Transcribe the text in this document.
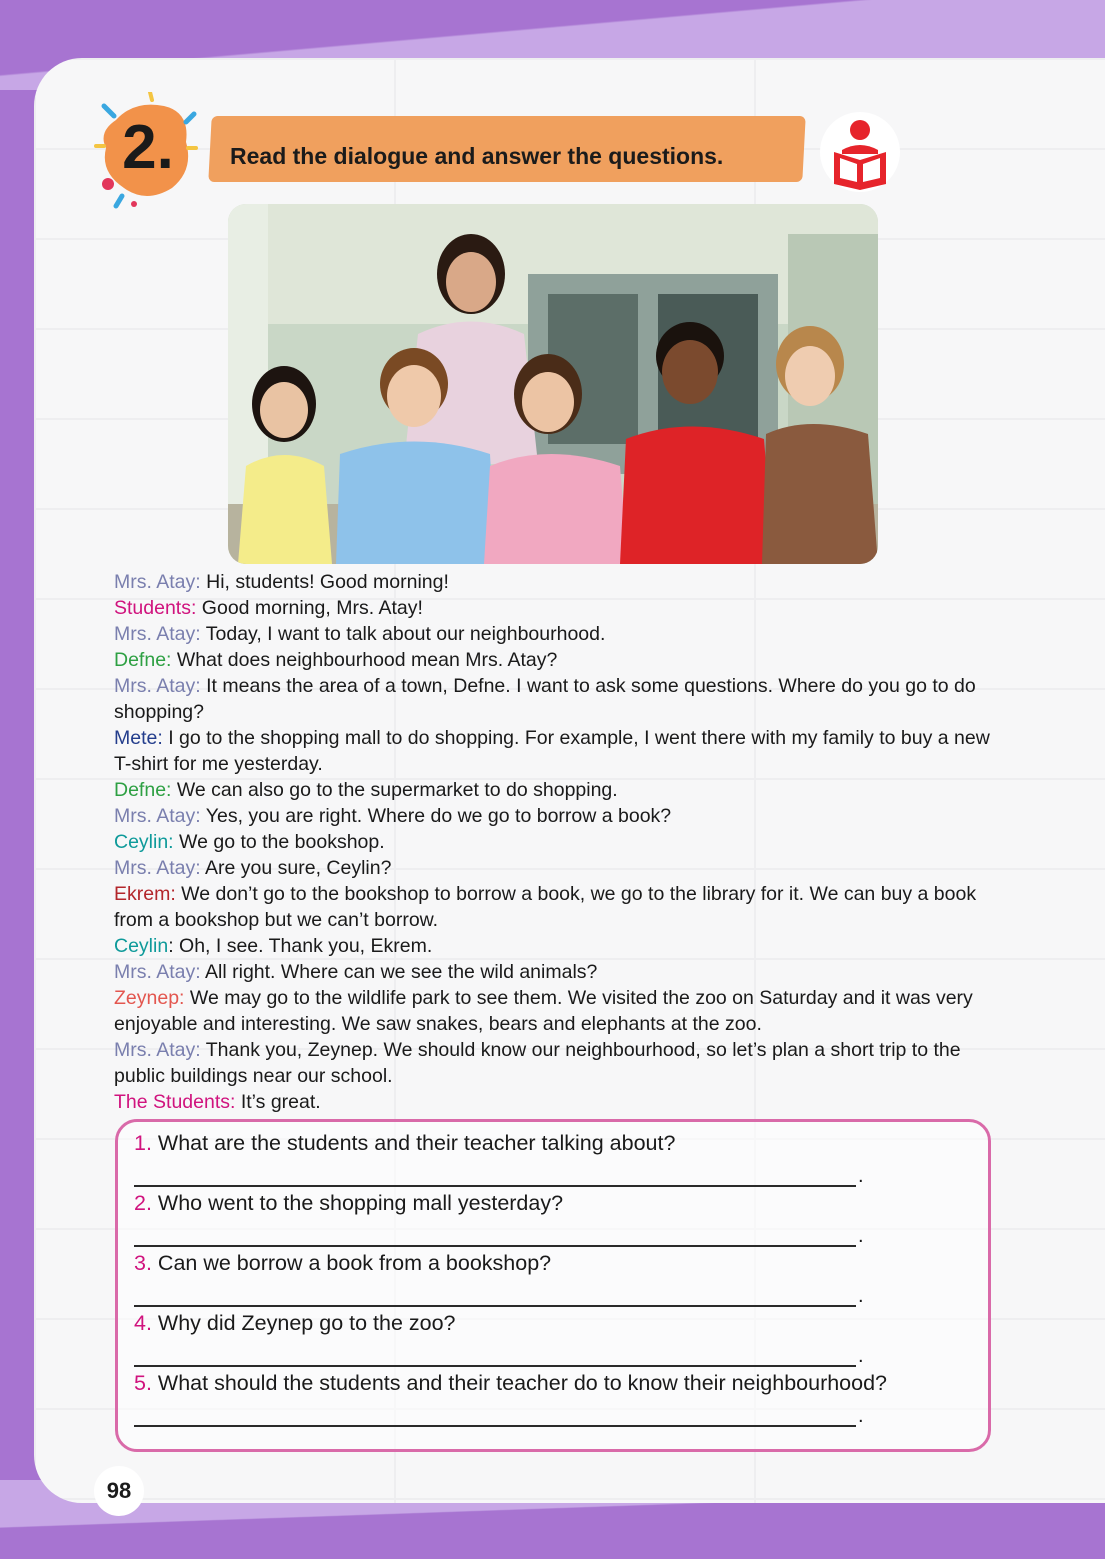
2.	Read the dialogue and answer the questions.

Mrs. Atay: Hi, students! Good morning!

Students: Good morning, Mrs. Atay!

Mrs. Atay: Today, I want to talk about our neighbourhood.

Defne: What does neighbourhood mean Mrs. Atay?

Mrs. Atay: It means the area of a town, Defne. I want to ask some questions. Where do you go to do shopping?

Mete: I go to the shopping mall to do shopping. For example, I went there with my family to buy a new T-shirt for me yesterday.

Defne: We can also go to the supermarket to do shopping.

Mrs. Atay: Yes, you are right. Where do we go to borrow a book?

Ceylin: We go to the bookshop.

Mrs. Atay: Are you sure, Ceylin?

Ekrem: We don’t go to the bookshop to borrow a book, we go to the library for it. We can buy a book from a bookshop but we can’t borrow.

Ceylin: Oh, I see. Thank you, Ekrem.

Mrs. Atay: All right. Where can we see the wild animals?

Zeynep: We may go to the wildlife park to see them. We visited the zoo on Saturday and it was very enjoyable and interesting. We saw snakes, bears and elephants at the zoo.

Mrs. Atay: Thank you, Zeynep. We should know our neighbourhood, so let’s plan a short trip to the public buildings near our school.

The Students: It’s great.

1. What are the students and their teacher talking about?
.
2. Who went to the shopping mall yesterday?
.
3. Can we borrow a book from a bookshop?
.
4. Why did Zeynep go to the zoo?
.
5. What should the students and their teacher do to know their neighbourhood?
.
98
